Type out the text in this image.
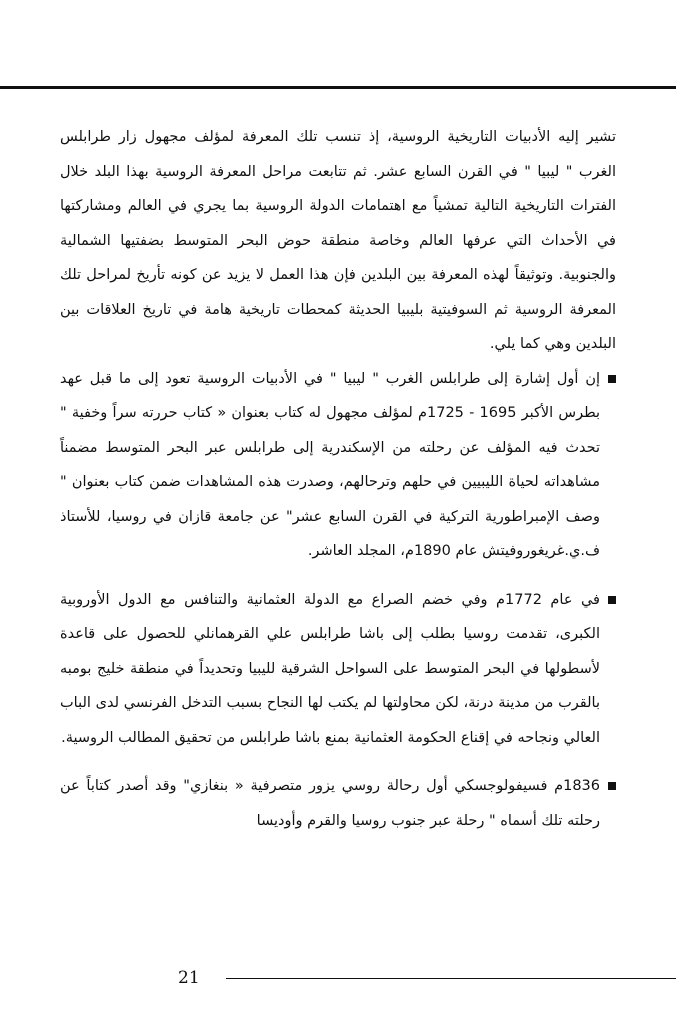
تشير إليه الأدبيات التاريخية الروسية، إذ تنسب تلك المعرفة لمؤلف مجهول زار طرابلس الغرب " ليبيا " في القرن السابع عشر. ثم تتابعت مراحل المعرفة الروسية بهذا البلد خلال الفترات التاريخية التالية تمشياً مع اهتمامات الدولة الروسية بما يجري في العالم ومشاركتها في الأحداث التي عرفها العالم وخاصة منطقة حوض البحر المتوسط بضفتيها الشمالية والجنوبية. وتوثيقاً لهذه المعرفة بين البلدين فإن هذا العمل لا يزيد عن كونه تأريخ لمراحل تلك المعرفة الروسية ثم السوفيتية بليبيا الحديثة كمحطات تاريخية هامة في تاريخ العلاقات بين البلدين وهي كما يلي.

إن أول إشارة إلى طرابلس الغرب " ليبيا " في الأدبيات الروسية تعود إلى ما قبل عهد بطرس الأكبر 1695 - 1725م لمؤلف مجهول له كتاب بعنوان « كتاب حررته سراً وخفية " تحدث فيه المؤلف عن رحلته من الإسكندرية إلى طرابلس عبر البحر المتوسط مضمناً مشاهداته لحياة الليبيين في حلهم وترحالهم، وصدرت هذه المشاهدات ضمن كتاب بعنوان " وصف الإمبراطورية التركية في القرن السابع عشر" عن جامعة قازان في روسيا، للأستاذ ف.ي.غريغوروفيتش عام 1890م، المجلد العاشر.

في عام 1772م وفي خضم الصراع مع الدولة العثمانية والتنافس مع الدول الأوروبية الكبرى، تقدمت روسيا بطلب إلى باشا طرابلس علي القرهمانلي للحصول على قاعدة لأسطولها في البحر المتوسط على السواحل الشرقية لليبيا وتحديداً في منطقة خليج بومبه بالقرب من مدينة درنة، لكن محاولتها لم يكتب لها النجاح بسبب التدخل الفرنسي لدى الباب العالي ونجاحه في إقناع الحكومة العثمانية بمنع باشا طرابلس من تحقيق المطالب الروسية.

1836م فسيفولوجسكي أول رحالة روسي يزور متصرفية « بنغازي" وقد أصدر كتاباً عن رحلته تلك أسماه " رحلة عبر جنوب روسيا والقرم وأوديسا

21
